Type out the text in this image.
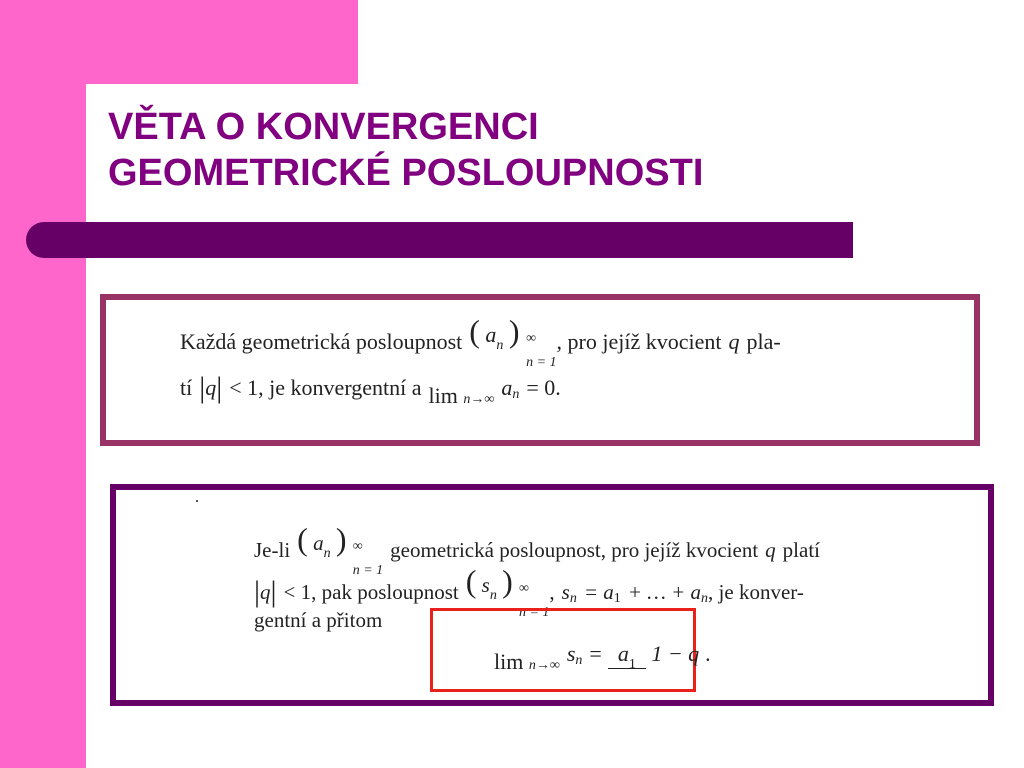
VĚTA O KONVERGENCI
GEOMETRICKÉ POSLOUPNOSTI
Každá geometrická posloupnost ( $a_n$ ) ∞
n = 1
, pro jejíž kvocient q pla-
tí | q | < 1, je konvergentní a lim n→∞ a n = 0.
Je-li ( $a_n$ ) ∞
n = 1
geometrická posloupnost, pro jejíž kvocient q platí
| q | < 1, pak posloupnost ( $s_n$ ) ∞
n = 1
, s n = a 1 + … + a n , je konver-
gentní a přitom
lim n→∞ s $n = a_1$ 1 − q .
